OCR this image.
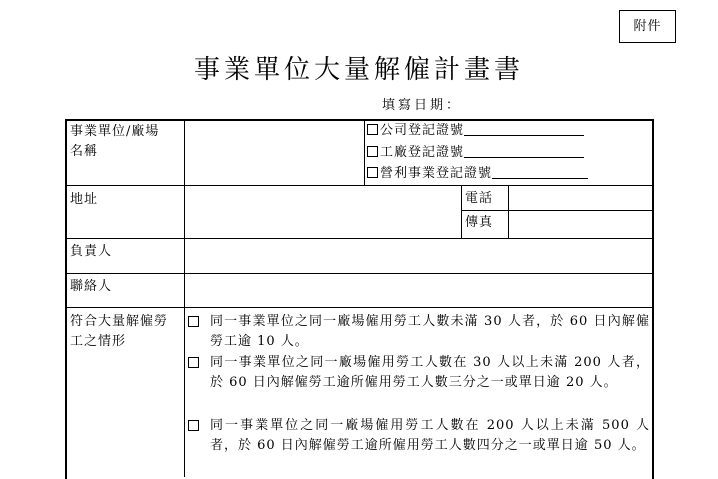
附件
事業單位大量解僱計畫書
填寫日期：
事業單位/廠場
名稱
公司登記證號
工廠登記證號
營利事業登記證號
地址	電話
傳真
負責人
聯絡人
符合大量解僱勞
工之情形
同一事業單位之同一廠場僱用勞工人數未滿 30 人者，於 60 日內解僱勞工逾 10 人。
同一事業單位之同一廠場僱用勞工人數在 30 人以上未滿 200 人者，於 60 日內解僱勞工逾所僱用勞工人數三分之一或單日逾 20 人。
同一事業單位之同一廠場僱用勞工人數在 200 人以上未滿 500 人者，於 60 日內解僱勞工逾所僱用勞工人數四分之一或單日逾 50 人。
